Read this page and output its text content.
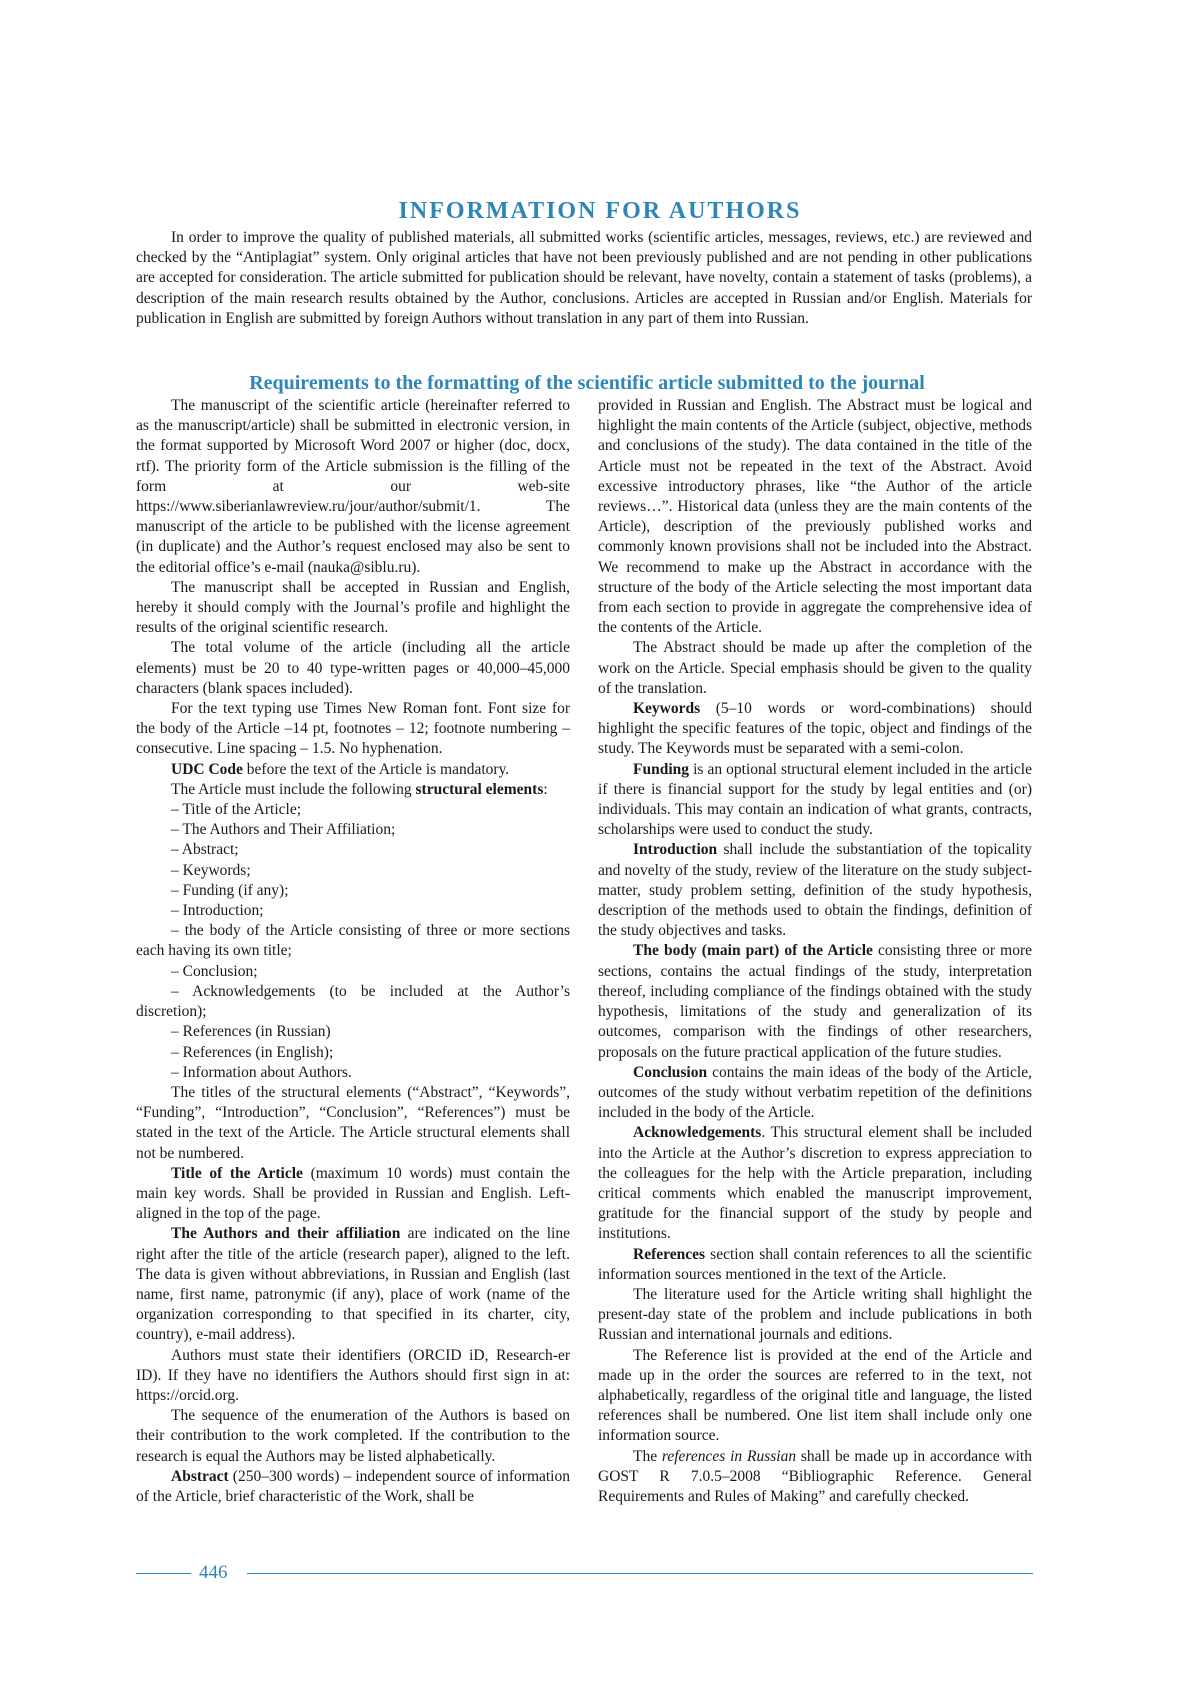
INFORMATION FOR AUTHORS

In order to improve the quality of published materials, all submitted works (scientific articles, messages, reviews, etc.) are reviewed and checked by the “Antiplagiat” system. Only original articles that have not been previously published and are not pending in other publications are accepted for consideration. The article submitted for publication should be relevant, have novelty, contain a statement of tasks (problems), a description of the main research results obtained by the Author, conclusions. Articles are accepted in Russian and/or English. Materials for publication in English are submitted by foreign Authors without translation in any part of them into Russian.

Requirements to the formatting of the scientific article submitted to the journal

The manuscript of the scientific article (hereinafter referred to as the manuscript/article) shall be submitted in electronic version, in the format supported by Microsoft Word 2007 or higher (doc, docx, rtf). The priority form of the Article submission is the filling of the form at our web-site https://www.siberianlawreview.ru/jour/author/submit/1. The manuscript of the article to be published with the license agreement (in duplicate) and the Author’s request enclosed may also be sent to the editorial office’s e-mail (nauka@siblu.ru).

The manuscript shall be accepted in Russian and English, hereby it should comply with the Journal’s profile and highlight the results of the original scientific research.

The total volume of the article (including all the article elements) must be 20 to 40 type-written pages or 40,000–45,000 characters (blank spaces included).

For the text typing use Times New Roman font. Font size for the body of the Article –14 pt, footnotes – 12; footnote numbering – consecutive. Line spacing – 1.5. No hyphenation.

UDC Code before the text of the Article is mandatory.

The Article must include the following structural elements:

– Title of the Article;
– The Authors and Their Affiliation;
– Abstract;
– Keywords;
– Funding (if any);
– Introduction;
– the body of the Article consisting of three or more sections each having its own title;
– Conclusion;
– Acknowledgements (to be included at the Author’s discretion);
– References (in Russian)
– References (in English);
– Information about Authors.

The titles of the structural elements (“Abstract”, “Keywords”, “Funding”, “Introduction”, “Conclusion”, “References”) must be stated in the text of the Article. The Article structural elements shall not be numbered.

Title of the Article (maximum 10 words) must contain the main key words. Shall be provided in Russian and English. Left-aligned in the top of the page.

The Authors and their affiliation are indicated on the line right after the title of the article (research paper), aligned to the left. The data is given without abbreviations, in Russian and English (last name, first name, patronymic (if any), place of work (name of the organization corresponding to that specified in its charter, city, country), e-mail address).

Authors must state their identifiers (ORCID iD, Research-er ID). If they have no identifiers the Authors should first sign in at: https://orcid.org.

The sequence of the enumeration of the Authors is based on their contribution to the work completed. If the contribution to the research is equal the Authors may be listed alphabetically.

Abstract (250–300 words) – independent source of information of the Article, brief characteristic of the Work, shall be

provided in Russian and English. The Abstract must be logical and highlight the main contents of the Article (subject, objective, methods and conclusions of the study). The data contained in the title of the Article must not be repeated in the text of the Abstract. Avoid excessive introductory phrases, like “the Author of the article reviews…”. Historical data (unless they are the main contents of the Article), description of the previously published works and commonly known provisions shall not be included into the Abstract. We recommend to make up the Abstract in accordance with the structure of the body of the Article selecting the most important data from each section to provide in aggregate the comprehensive idea of the contents of the Article.

The Abstract should be made up after the completion of the work on the Article. Special emphasis should be given to the quality of the translation.

Keywords (5–10 words or word-combinations) should highlight the specific features of the topic, object and findings of the study. The Keywords must be separated with a semi-colon.

Funding is an optional structural element included in the article if there is financial support for the study by legal entities and (or) individuals. This may contain an indication of what grants, contracts, scholarships were used to conduct the study.

Introduction shall include the substantiation of the topicality and novelty of the study, review of the literature on the study subject-matter, study problem setting, definition of the study hypothesis, description of the methods used to obtain the findings, definition of the study objectives and tasks.

The body (main part) of the Article consisting three or more sections, contains the actual findings of the study, interpretation thereof, including compliance of the findings obtained with the study hypothesis, limitations of the study and generalization of its outcomes, comparison with the findings of other researchers, proposals on the future practical application of the future studies.

Conclusion contains the main ideas of the body of the Article, outcomes of the study without verbatim repetition of the definitions included in the body of the Article.

Acknowledgements. This structural element shall be included into the Article at the Author’s discretion to express appreciation to the colleagues for the help with the Article preparation, including critical comments which enabled the manuscript improvement, gratitude for the financial support of the study by people and institutions.

References section shall contain references to all the scientific information sources mentioned in the text of the Article.

The literature used for the Article writing shall highlight the present-day state of the problem and include publications in both Russian and international journals and editions.

The Reference list is provided at the end of the Article and made up in the order the sources are referred to in the text, not alphabetically, regardless of the original title and language, the listed references shall be numbered. One list item shall include only one information source.

The references in Russian shall be made up in accordance with GOST R 7.0.5–2008 “Bibliographic Reference. General Requirements and Rules of Making” and carefully checked.

446
